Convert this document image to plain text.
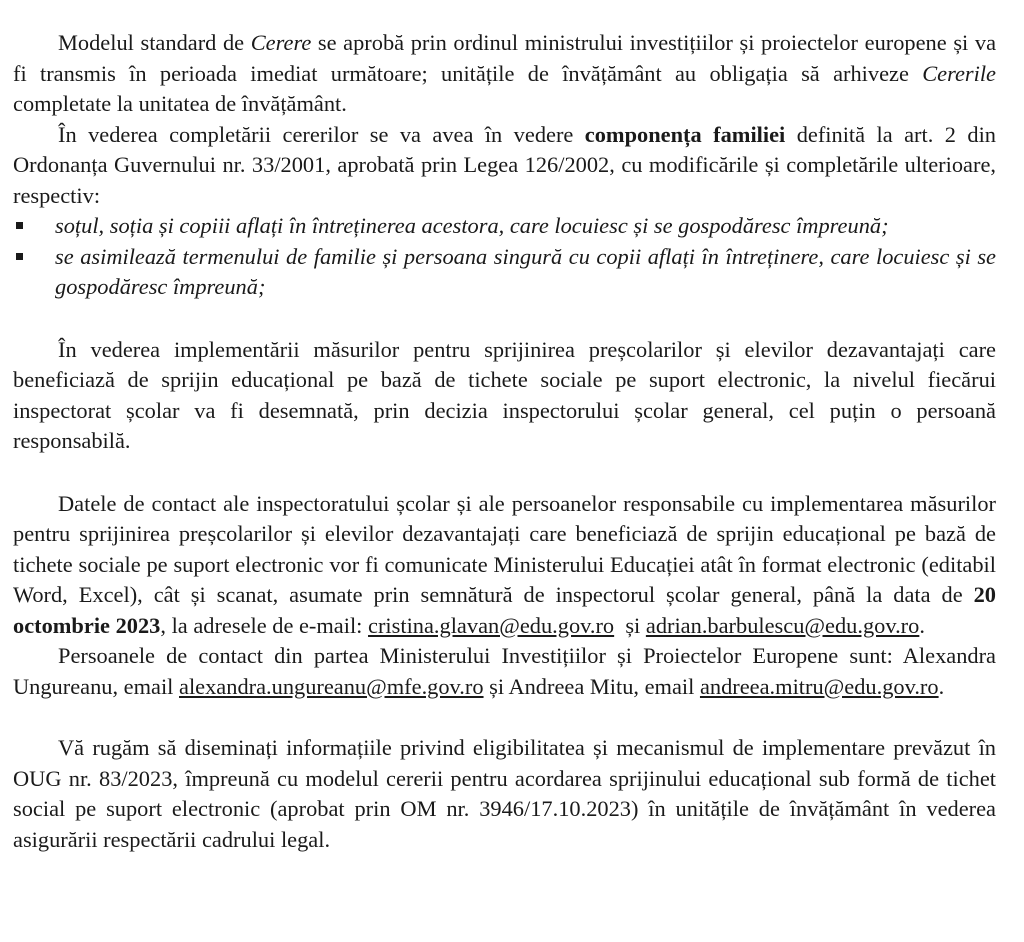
Modelul standard de Cerere se aprobă prin ordinul ministrului investițiilor și proiectelor europene și va fi transmis în perioada imediat următoare; unitățile de învățământ au obligația să arhiveze Cererile completate la unitatea de învățământ.

În vederea completării cererilor se va avea în vedere componența familiei definită la art. 2 din Ordonanța Guvernului nr. 33/2001, aprobată prin Legea 126/2002, cu modificările și completările ulterioare, respectiv:

soțul, soția și copiii aflați în întreținerea acestora, care locuiesc și se gospodăresc împreună;
se asimilează termenului de familie și persoana singură cu copii aflați în întreținere, care locuiesc și se gospodăresc împreună;

În vederea implementării măsurilor pentru sprijinirea preșcolarilor și elevilor dezavantajați care beneficiază de sprijin educațional pe bază de tichete sociale pe suport electronic, la nivelul fiecărui inspectorat școlar va fi desemnată, prin decizia inspectorului școlar general, cel puțin o persoană responsabilă.

Datele de contact ale inspectoratului școlar și ale persoanelor responsabile cu implementarea măsurilor pentru sprijinirea preșcolarilor și elevilor dezavantajați care beneficiază de sprijin educațional pe bază de tichete sociale pe suport electronic vor fi comunicate Ministerului Educației atât în format electronic (editabil Word, Excel), cât și scanat, asumate prin semnătură de inspectorul școlar general, până la data de 20 octombrie 2023, la adresele de e-mail: cristina.glavan@edu.gov.ro  și adrian.barbulescu@edu.gov.ro.

Persoanele de contact din partea Ministerului Investițiilor și Proiectelor Europene sunt: Alexandra Ungureanu, email alexandra.ungureanu@mfe.gov.ro și Andreea Mitu, email andreea.mitru@edu.gov.ro.

Vă rugăm să diseminați informațiile privind eligibilitatea și mecanismul de implementare prevăzut în OUG nr. 83/2023, împreună cu modelul cererii pentru acordarea sprijinului educațional sub formă de tichet social pe suport electronic (aprobat prin OM nr. 3946/17.10.2023) în unitățile de învățământ în vederea asigurării respectării cadrului legal.
